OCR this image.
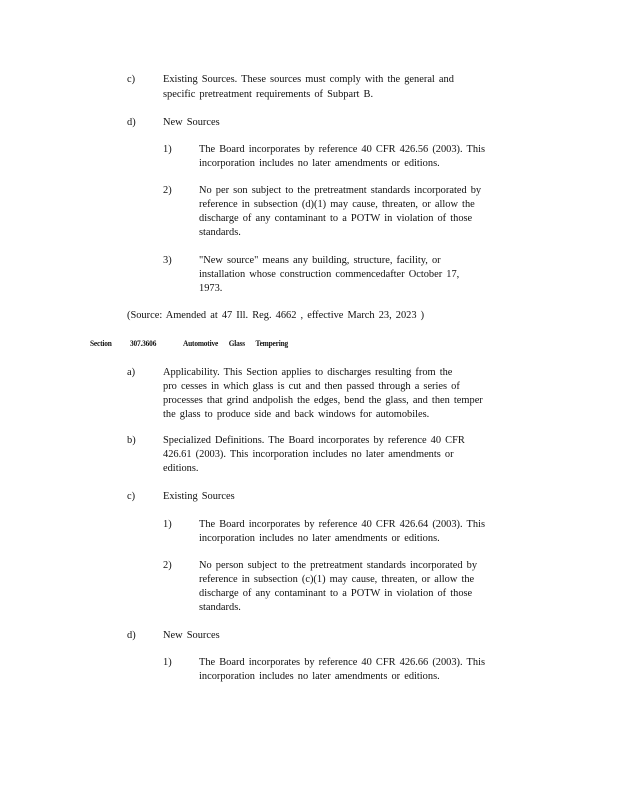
c)	Existing Sources. These sources must comply with the general and
specific pretreatment requirements of Subpart B.
d)	New Sources
1)	The Board incorporates by reference 40 CFR 426.56 (2003). This
incorporation includes no later amendments or editions.
2)	No per son subject to the pretreatment standards incorporated by
reference in subsection (d)(1) may cause, threaten, or allow the
discharge of any contaminant to a POTW in violation of those
standards.
3)	"New source" means any building, structure, facility, or
installation whose construction commencedafter October 17,
1973.
(Source: Amended at 47 Ill. Reg. 4662 , effective March 23, 2023 )
Section 307.3606	Automotive Glass Tempering
a)	Applicability. This Section applies to discharges resulting from the
pro cesses in which glass is cut and then passed through a series of
processes that grind andpolish the edges, bend the glass, and then temper
the glass to produce side and back windows for automobiles.
b)	Specialized Definitions. The Board incorporates by reference 40 CFR
426.61 (2003). This incorporation includes no later amendments or
editions.
c)	Existing Sources
1)	The Board incorporates by reference 40 CFR 426.64 (2003). This
incorporation includes no later amendments or editions.
2)	No person subject to the pretreatment standards incorporated by
reference in subsection (c)(1) may cause, threaten, or allow the
discharge of any contaminant to a POTW in violation of those
standards.
d)	New Sources
1)	The Board incorporates by reference 40 CFR 426.66 (2003). This
incorporation includes no later amendments or editions.
